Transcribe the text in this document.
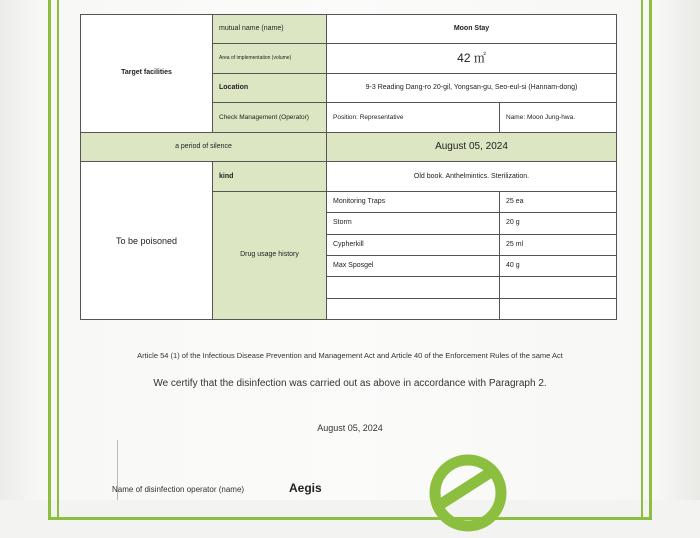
Target facilities	mutual name (name)	Moon Stay	
	Area of implementation (volume)	42 ㎡	
	Location	9-3 Reading Dang-ro 20-gil, Yongsan-gu, Seo-eul-si (Hannam-dong)	
	Check Management (Operator)	Position: Representative	Name: Moon Jung-hwa.
a period of silence		August 05, 2024	
To be poisoned	kind	Old book. Anthelmintics. Sterilization.	
	Drug usage history	Monitoring Traps	25 ea
		Storm	20 g
		Cypherkill	25 ml
		Max Sposgel	40 g

Article 54 (1) of the Infectious Disease Prevention and Management Act and Article 40 of the Enforcement Rules of the same Act
We certify that the disinfection was carried out as above in accordance with Paragraph 2.
August 05, 2024
Name of disinfection operator (name)	Aegis
